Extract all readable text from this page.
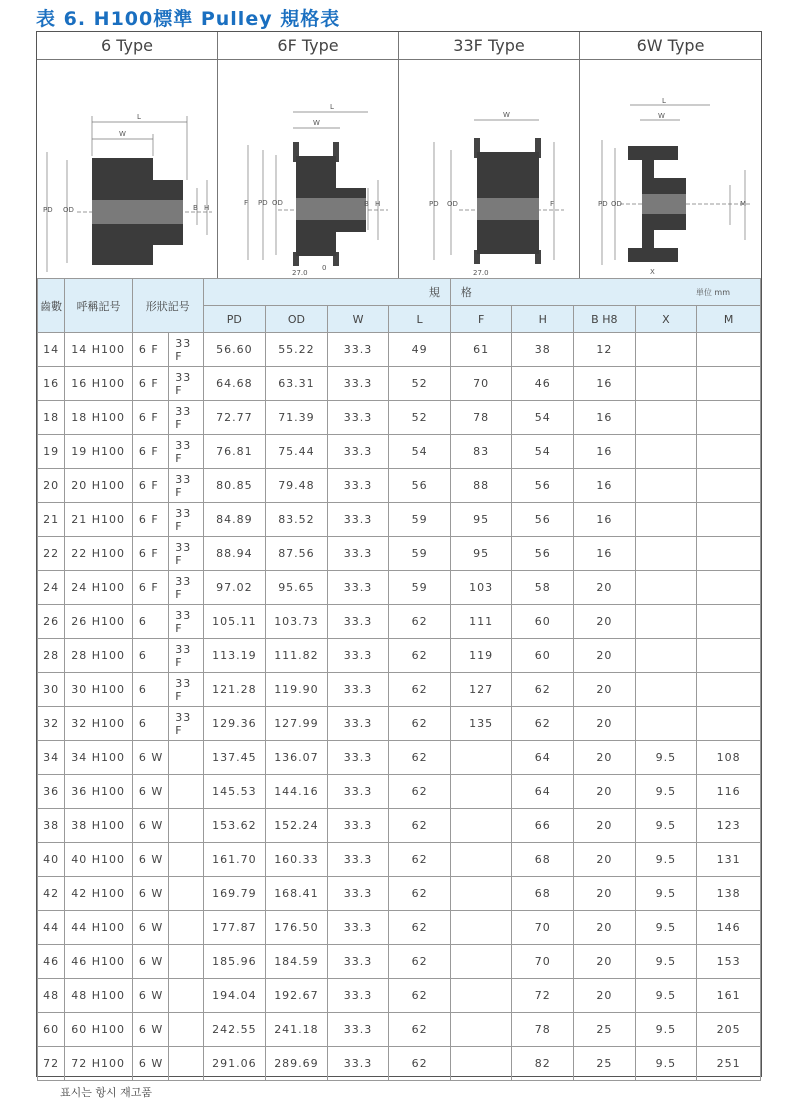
表 6. H100標準 Pulley 規格表
6 Type
L
W
PD OD	B H
6F Type
L
W
F PD OD	B H
27.0
0
33F Type
W
PD OD	F
27.0
6W Type
L
W
PD OD	M
X
齒數	呼稱記号	形狀記号		規				格 単位 mm				

				PD	OD	W	L	F	H	B H8	X	M
14	14 H100	6 F	33 F	56.60	55.22	33.3	49	61	38	12		
16	16 H100	6 F	33 F	64.68	63.31	33.3	52	70	46	16		
18	18 H100	6 F	33 F	72.77	71.39	33.3	52	78	54	16		
19	19 H100	6 F	33 F	76.81	75.44	33.3	54	83	54	16		
20	20 H100	6 F	33 F	80.85	79.48	33.3	56	88	56	16		
21	21 H100	6 F	33 F	84.89	83.52	33.3	59	95	56	16		
22	22 H100	6 F	33 F	88.94	87.56	33.3	59	95	56	16		
24	24 H100	6 F	33 F	97.02	95.65	33.3	59	103	58	20		
26	26 H100	6	33 F	105.11	103.73	33.3	62	111	60	20		
28	28 H100	6	33 F	113.19	111.82	33.3	62	119	60	20		
30	30 H100	6	33 F	121.28	119.90	33.3	62	127	62	20		
32	32 H100	6	33 F	129.36	127.99	33.3	62	135	62	20		
34	34 H100	6 W		137.45	136.07	33.3	62		64	20	9.5	108
36	36 H100	6 W		145.53	144.16	33.3	62		64	20	9.5	116
38	38 H100	6 W		153.62	152.24	33.3	62		66	20	9.5	123
40	40 H100	6 W		161.70	160.33	33.3	62		68	20	9.5	131
42	42 H100	6 W		169.79	168.41	33.3	62		68	20	9.5	138
44	44 H100	6 W		177.87	176.50	33.3	62		70	20	9.5	146
46	46 H100	6 W		185.96	184.59	33.3	62		70	20	9.5	153
48	48 H100	6 W		194.04	192.67	33.3	62		72	20	9.5	161
60	60 H100	6 W		242.55	241.18	33.3	62		78	25	9.5	205
72	72 H100	6 W		291.06	289.69	33.3	62		82	25	9.5	251
표시는 항시 재고품
